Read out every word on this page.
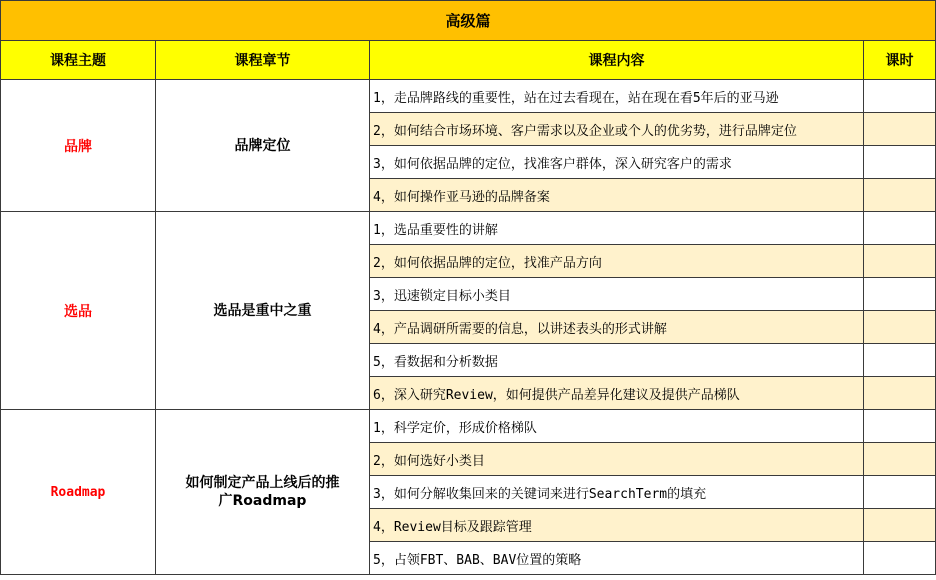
高级篇			
课程主题	课程章节	课程内容	课时
品牌	品牌定位	1，走品牌路线的重要性，站在过去看现在，站在现在看5年后的亚马逊	
		2，如何结合市场环境、客户需求以及企业或个人的优劣势，进行品牌定位	
		3，如何依据品牌的定位，找准客户群体，深入研究客户的需求	
		4，如何操作亚马逊的品牌备案	
选品	选品是重中之重	1，选品重要性的讲解	
		2，如何依据品牌的定位，找准产品方向	
		3，迅速锁定目标小类目	
		4，产品调研所需要的信息，以讲述表头的形式讲解	
		5，看数据和分析数据	
		6，深入研究Review，如何提供产品差异化建议及提供产品梯队	
Roadmap	如何制定产品上线后的推广Roadmap	1，科学定价，形成价格梯队	
		2，如何选好小类目	
		3，如何分解收集回来的关键词来进行SearchTerm的填充	
		4，Review目标及跟踪管理	
		5，占领FBT、BAB、BAV位置的策略	
